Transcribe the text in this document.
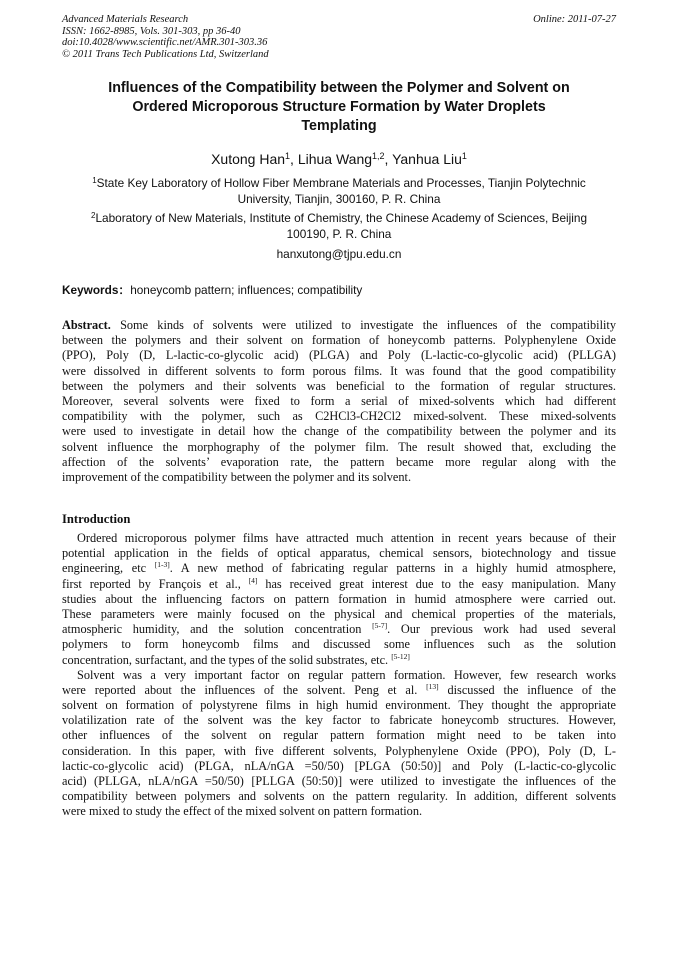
Advanced Materials Research
ISSN: 1662-8985, Vols. 301-303, pp 36-40
doi:10.4028/www.scientific.net/AMR.301-303.36
© 2011 Trans Tech Publications Ltd, Switzerland
Online: 2011-07-27
Influences of the Compatibility between the Polymer and Solvent on
Ordered Microporous Structure Formation by Water Droplets
Templating
Xutong Han$^1$, Lihua Wang$^{1,2}$, Yanhua Liu$^1$
$^1$State Key Laboratory of Hollow Fiber Membrane Materials and Processes, Tianjin Polytechnic
University, Tianjin, 300160, P. R. China
$^2$Laboratory of New Materials, Institute of Chemistry, the Chinese Academy of Sciences, Beijing
100190, P. R. China
hanxutong@tjpu.edu.cn
Keywords：honeycomb pattern; influences; compatibility
Abstract. Some kinds of solvents were utilized to investigate the influences of the compatibility
between the polymers and their solvent on formation of honeycomb patterns. Polyphenylene Oxide
(PPO), Poly (D, L-lactic-co-glycolic acid) (PLGA) and Poly (L-lactic-co-glycolic acid) (PLLGA)
were dissolved in different solvents to form porous films. It was found that the good compatibility
between the polymers and their solvents was beneficial to the formation of regular structures.
Moreover, several solvents were fixed to form a serial of mixed-solvents which had different
compatibility with the polymer, such as C2HCl3-CH2Cl2 mixed-solvent. These mixed-solvents
were used to investigate in detail how the change of the compatibility between the polymer and its
solvent influence the morphography of the polymer film. The result showed that, excluding the
affection of the solvents’ evaporation rate, the pattern became more regular along with the
improvement of the compatibility between the polymer and its solvent.
Introduction
Ordered microporous polymer films have attracted much attention in recent years because of their
potential application in the fields of optical apparatus, chemical sensors, biotechnology and tissue
engineering, etc [1-3]. A new method of fabricating regular patterns in a highly humid atmosphere,
first reported by François et al., [4] has received great interest due to the easy manipulation. Many
studies about the influencing factors on pattern formation in humid atmosphere were carried out.
These parameters were mainly focused on the physical and chemical properties of the materials,
atmospheric humidity, and the solution concentration [5-7]. Our previous work had used several
polymers to form honeycomb films and discussed some influences such as the solution
concentration, surfactant, and the types of the solid substrates, etc. [5-12]
Solvent was a very important factor on regular pattern formation. However, few research works
were reported about the influences of the solvent. Peng et al. [13] discussed the influence of the
solvent on formation of polystyrene films in high humid environment. They thought the appropriate
volatilization rate of the solvent was the key factor to fabricate honeycomb structures. However,
other influences of the solvent on regular pattern formation might need to be taken into
consideration. In this paper, with five different solvents, Polyphenylene Oxide (PPO), Poly (D, L-
lactic-co-glycolic acid) (PLGA, nLA/nGA =50/50) [PLGA (50:50)] and Poly (L-lactic-co-glycolic
acid) (PLLGA, nLA/nGA =50/50) [PLLGA (50:50)] were utilized to investigate the influences of the
compatibility between polymers and solvents on the pattern regularity. In addition, different solvents
were mixed to study the effect of the mixed solvent on pattern formation.
